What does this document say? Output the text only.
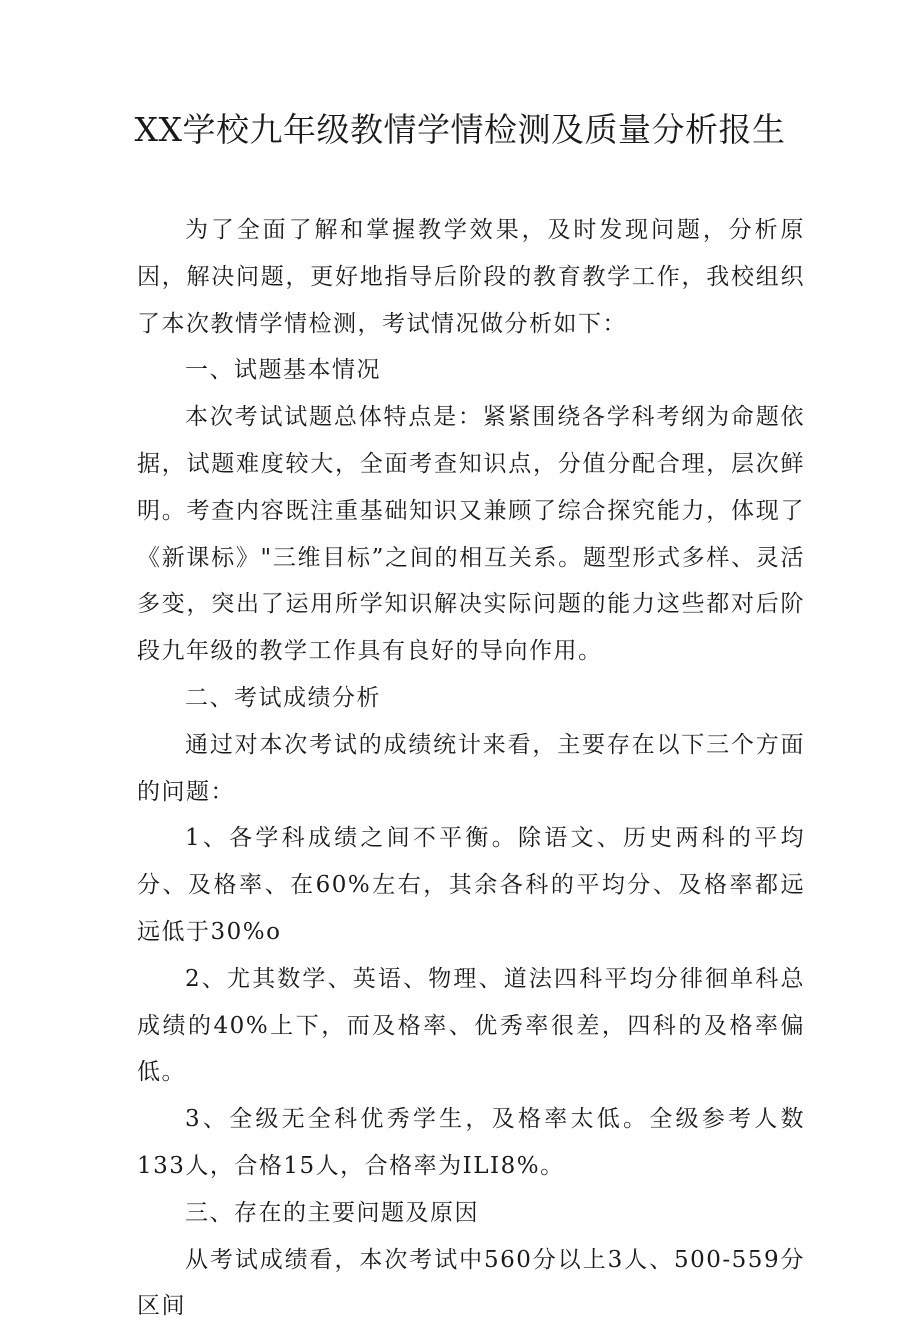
XX学校九年级教情学情检测及质量分析报生

为了全面了解和掌握教学效果，及时发现问题，分析原因，解决问题，更好地指导后阶段的教育教学工作，我校组织了本次教情学情检测，考试情况做分析如下：

一、试题基本情况

本次考试试题总体特点是：紧紧围绕各学科考纲为命题依据，试题难度较大，全面考查知识点，分值分配合理，层次鲜明。考查内容既注重基础知识又兼顾了综合探究能力，体现了《新课标》"三维目标”之间的相互关系。题型形式多样、灵活多变，突出了运用所学知识解决实际问题的能力这些都对后阶段九年级的教学工作具有良好的导向作用。

二、考试成绩分析

通过对本次考试的成绩统计来看，主要存在以下三个方面的问题：

1、各学科成绩之间不平衡。除语文、历史两科的平均分、及格率、在60%左右，其余各科的平均分、及格率都远远低于30%o

2、尤其数学、英语、物理、道法四科平均分徘徊单科总成绩的40%上下，而及格率、优秀率很差，四科的及格率偏低。

3、全级无全科优秀学生，及格率太低。全级参考人数133人，合格15人，合格率为ILI8%。

三、存在的主要问题及原因

从考试成绩看，本次考试中560分以上3人、500-559分区间
